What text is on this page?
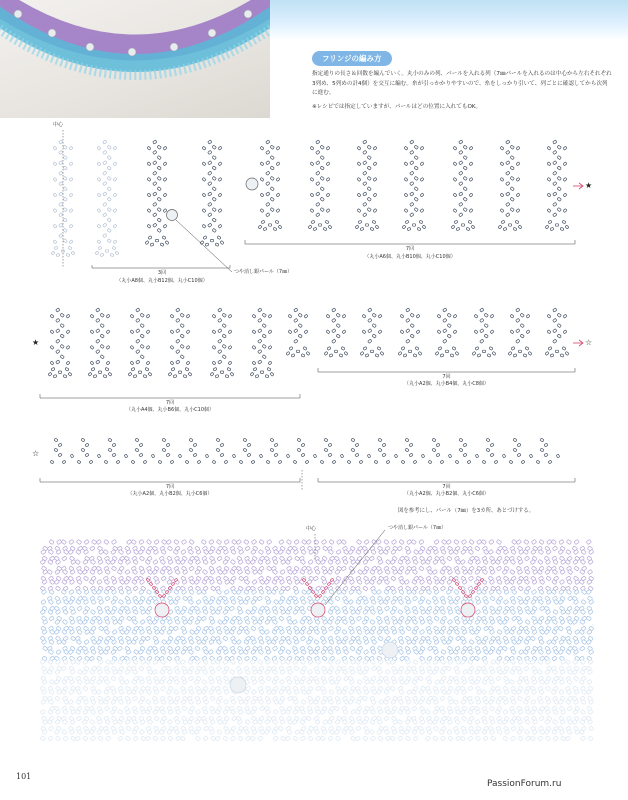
フリンジの編み方

指定通りの長さ＆回数を編んでいく。丸小のみの列、パールを入れる列（7㎜パールを入れるのは中心から左右それぞれ3列め、5列めの計4個）を交互に編む。糸が引っかかりやすいので、糸をしっかり引いて、列ごとに確認してから次列に進む。

※レシピでは指定していますが、パールはどの位置に入れてもOK。

中心
3回
（丸小A8個、丸小B12個、丸小C10個）
つや消し銀パール（7㎜）
7回
（丸小A6個、丸小B10個、丸小C10個）
★
★
7回
（丸小A4個、丸小B6個、丸小C10個）
7回
（丸小A2個、丸小B4個、丸小C8個）
☆
☆
7回
（丸小A2個、丸小B2個、丸小C6個）
7回
（丸小A2個、丸小B2個、丸小C6個）
図を参考にし、パール（7㎜）を3カ所、あとづけする。
中心	つや消し銀パール（7㎜）
101
PassionForum.ru
